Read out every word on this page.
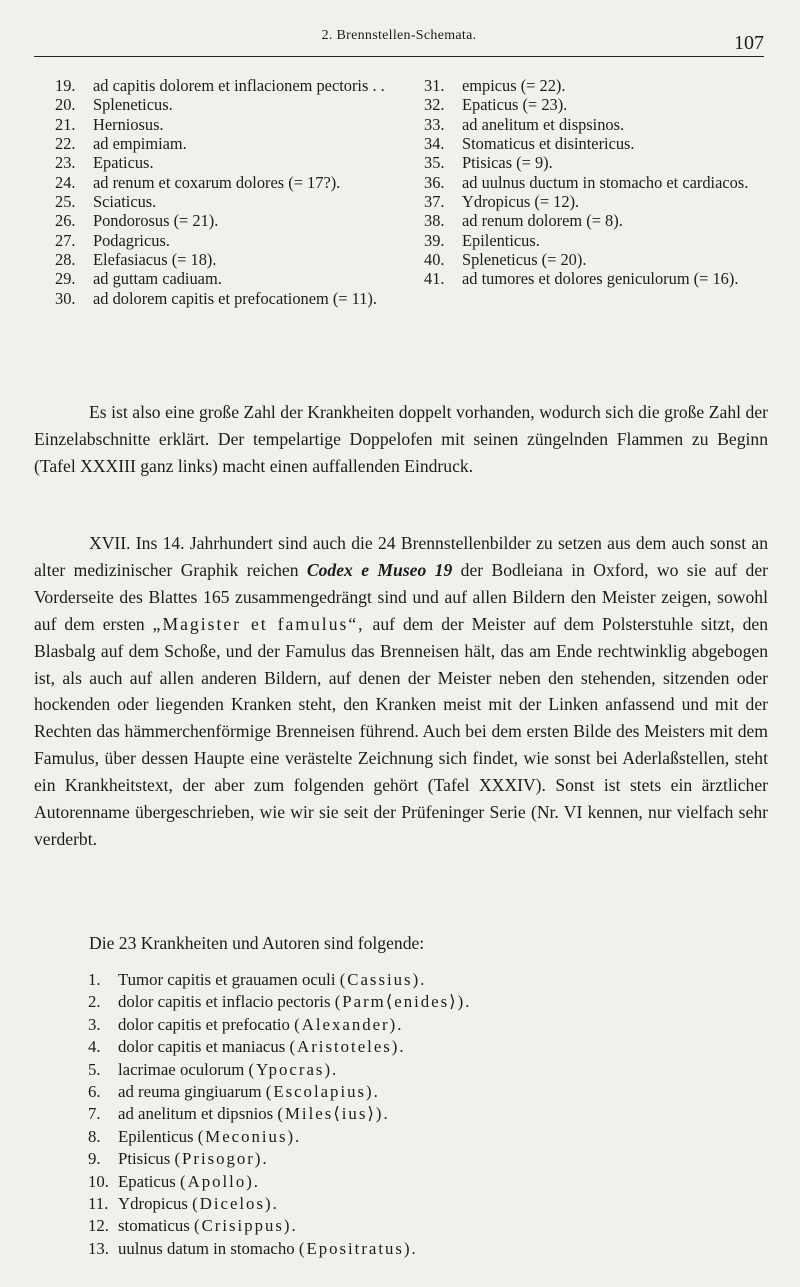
2. Brennstellen-Schemata.	107
19. ad capitis dolorem et inflacionem pectoris . .
20. Spleneticus.
21. Herniosus.
22. ad empimiam.
23. Epaticus.
24. ad renum et coxarum dolores (= 17?).
25. Sciaticus.
26. Pondorosus (= 21).
27. Podagricus.
28. Elefasiacus (= 18).
29. ad guttam cadiuam.
30. ad dolorem capitis et prefocationem (= 11).
31. empicus (= 22).
32. Epaticus (= 23).
33. ad anelitum et dispsinos.
34. Stomaticus et disintericus.
35. Ptisicas (= 9).
36. ad uulnus ductum in stomacho et cardiacos.
37. Ydropicus (= 12).
38. ad renum dolorem (= 8).
39. Epilenticus.
40. Spleneticus (= 20).
41. ad tumores et dolores geniculorum (= 16).

Es ist also eine große Zahl der Krankheiten doppelt vorhanden, wodurch sich die große Zahl der Einzelabschnitte erklärt. Der tempelartige Doppelofen mit seinen züngelnden Flammen zu Beginn (Tafel XXXIII ganz links) macht einen auffallenden Eindruck.

XVII. Ins 14. Jahrhundert sind auch die 24 Brennstellenbilder zu setzen aus dem auch sonst an alter medizinischer Graphik reichen Codex e Museo 19 der Bodleiana in Oxford, wo sie auf der Vorderseite des Blattes 165 zusammengedrängt sind und auf allen Bildern den Meister zeigen, sowohl auf dem ersten „Magister et famulus“, auf dem der Meister auf dem Polsterstuhle sitzt, den Blasbalg auf dem Schoße, und der Famulus das Brenneisen hält, das am Ende rechtwinklig abgebogen ist, als auch auf allen anderen Bildern, auf denen der Meister neben den stehenden, sitzenden oder hockenden oder liegenden Kranken steht, den Kranken meist mit der Linken anfassend und mit der Rechten das hämmerchenförmige Brenneisen führend. Auch bei dem ersten Bilde des Meisters mit dem Famulus, über dessen Haupte eine verästelte Zeichnung sich findet, wie sonst bei Aderlaßstellen, steht ein Krankheitstext, der aber zum folgenden gehört (Tafel XXXIV). Sonst ist stets ein ärztlicher Autorenname übergeschrieben, wie wir sie seit der Prüfeninger Serie (Nr. VI kennen, nur vielfach sehr verderbt.

Die 23 Krankheiten und Autoren sind folgende:

1. Tumor capitis et grauamen oculi (Cassius).
2. dolor capitis et inflacio pectoris (Parm⟨enides⟩).
3. dolor capitis et prefocatio (Alexander).
4. dolor capitis et maniacus (Aristoteles).
5. lacrimae oculorum (Ypocras).
6. ad reuma gingiuarum (Escolapius).
7. ad anelitum et dipsnios (Miles⟨ius⟩).
8. Epilenticus (Meconius).
9. Ptisicus (Prisogor).
10. Epaticus (Apollo).
11. Ydropicus (Dicelos).
12. stomaticus (Crisippus).
13. uulnus datum in stomacho (Epositratus).
